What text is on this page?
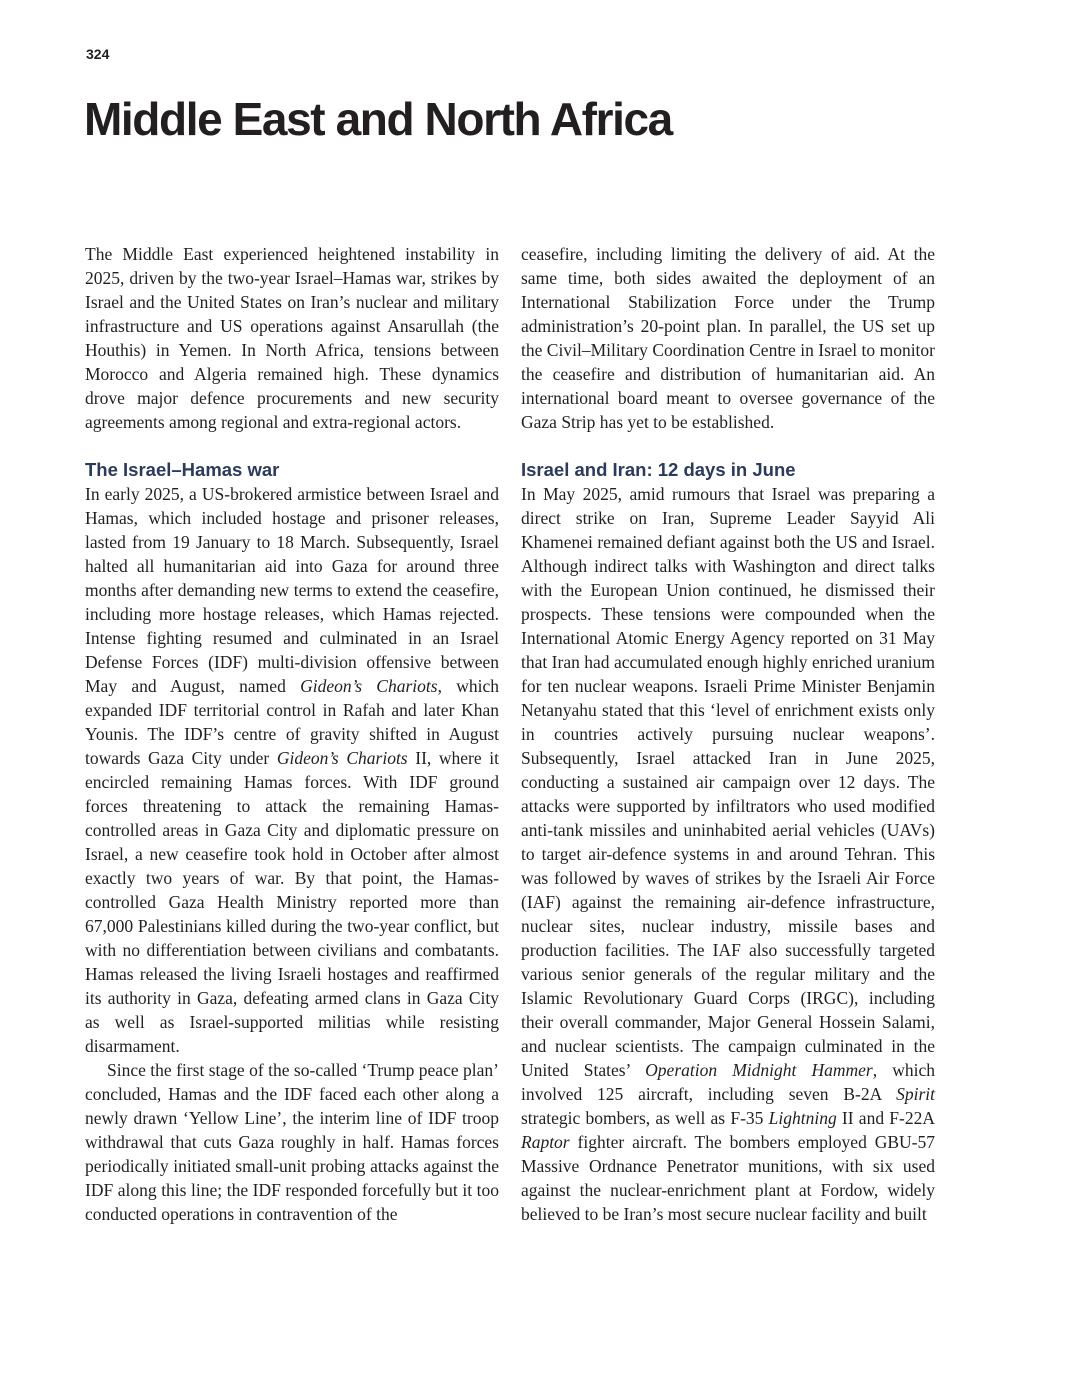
324
Middle East and North Africa

The Middle East experienced heightened instability in 2025, driven by the two-year Israel–Hamas war, strikes by Israel and the United States on Iran’s nuclear and military infrastructure and US operations against Ansarullah (the Houthis) in Yemen. In North Africa, tensions between Morocco and Algeria remained high. These dynamics drove major defence procurements and new security agreements among regional and extra-regional actors.

The Israel–Hamas war

In early 2025, a US-brokered armistice between Israel and Hamas, which included hostage and prisoner releases, lasted from 19 January to 18 March. Subsequently, Israel halted all humanitarian aid into Gaza for around three months after demanding new terms to extend the ceasefire, including more hostage releases, which Hamas rejected. Intense fighting resumed and culminated in an Israel Defense Forces (IDF) multi-division offensive between May and August, named Gideon’s Chariots, which expanded IDF territorial control in Rafah and later Khan Younis. The IDF’s centre of gravity shifted in August towards Gaza City under Gideon’s Chariots II, where it encircled remaining Hamas forces. With IDF ground forces threatening to attack the remaining Hamas-controlled areas in Gaza City and diplomatic pressure on Israel, a new ceasefire took hold in October after almost exactly two years of war. By that point, the Hamas-controlled Gaza Health Ministry reported more than 67,000 Palestinians killed during the two-year conflict, but with no differentiation between civilians and combatants. Hamas released the living Israeli hostages and reaffirmed its authority in Gaza, defeating armed clans in Gaza City as well as Israel-supported militias while resisting disarmament.

Since the first stage of the so-called ‘Trump peace plan’ concluded, Hamas and the IDF faced each other along a newly drawn ‘Yellow Line’, the interim line of IDF troop withdrawal that cuts Gaza roughly in half. Hamas forces periodically initiated small-unit probing attacks against the IDF along this line; the IDF responded forcefully but it too conducted operations in contravention of the

ceasefire, including limiting the delivery of aid. At the same time, both sides awaited the deployment of an International Stabilization Force under the Trump administration’s 20-point plan. In parallel, the US set up the Civil–Military Coordination Centre in Israel to monitor the ceasefire and distribution of humanitarian aid. An international board meant to oversee governance of the Gaza Strip has yet to be established.

Israel and Iran: 12 days in June

In May 2025, amid rumours that Israel was preparing a direct strike on Iran, Supreme Leader Sayyid Ali Khamenei remained defiant against both the US and Israel. Although indirect talks with Washington and direct talks with the European Union continued, he dismissed their prospects. These tensions were compounded when the International Atomic Energy Agency reported on 31 May that Iran had accumulated enough highly enriched uranium for ten nuclear weapons. Israeli Prime Minister Benjamin Netanyahu stated that this ‘level of enrichment exists only in countries actively pursuing nuclear weapons’. Subsequently, Israel attacked Iran in June 2025, conducting a sustained air campaign over 12 days. The attacks were supported by infiltrators who used modified anti-tank missiles and uninhabited aerial vehicles (UAVs) to target air-defence systems in and around Tehran. This was followed by waves of strikes by the Israeli Air Force (IAF) against the remaining air-defence infrastructure, nuclear sites, nuclear industry, missile bases and production facilities. The IAF also successfully targeted various senior generals of the regular military and the Islamic Revolutionary Guard Corps (IRGC), including their overall commander, Major General Hossein Salami, and nuclear scientists. The campaign culminated in the United States’ Operation Midnight Hammer, which involved 125 aircraft, including seven B-2A Spirit strategic bombers, as well as F-35 Lightning II and F-22A Raptor fighter aircraft. The bombers employed GBU-57 Massive Ordnance Penetrator munitions, with six used against the nuclear-enrichment plant at Fordow, widely believed to be Iran’s most secure nuclear facility and built
